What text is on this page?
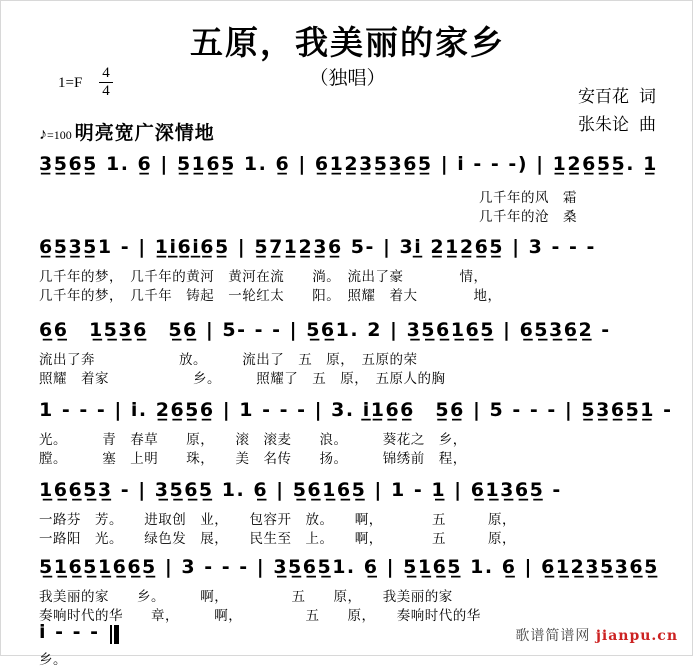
五原，我美丽的家乡
（独唱）
1=F
4
4
♪=100 明亮宽广深情地
安百花 词
张朱论 曲
3̲5̲6̲5̲ 1. 6̲ | 5̲1̲6̲5̲ 1. 6̲ | 6̲1̲2̲3̲5̲3̲6̲5̲ | i - - -) | 1̲2̲6̲5̲5̲. 1̲
几千年的风　霜
几千年的沧　桑
6̲5̲3̲5̲1 - | 1̲i̲6̲i̲6̲5̲ | 5̲7̲1̲2̲3̲6̲ 5- | 3i̲ 2̲1̲2̲6̲5̲ | 3 - - -
几千年的梦，　几千年的黄河　黄河在流　　淌。　流出了豪　　　　情，
几千年的梦，　几千年　铸起　一轮红太　　阳。　照耀　着大　　　　地，
6̲6̲　1̲5̲3̲6̲　5̲6̲ | 5- - - | 5̲6̲1. 2 | 3̲5̲6̲1̲6̲5̲ | 6̲5̲3̲6̲2̲ -
流出了奔　　　　　　放。　　　流出了　五　原，　五原的荣
照耀　着家　　　　　　乡。　　　照耀了　五　原，　五原人的胸
1 - - - | i. 2̲6̲5̲6̲ | 1 - - - | 3. i̲1̲6̲6̲　5̲6̲ | 5 - - - | 5̲3̲6̲5̲1̲ -
光。　　　青　春草　　原，　　滚　滚麦　　浪。　　　葵花之　乡，
膛。　　　塞　上明　　珠，　　美　名传　　扬。　　　锦绣前　程，
1̲6̲6̲5̲3̲ - | 3̲5̲6̲5̲ 1. 6̲ | 5̲6̲1̲6̲5̲ | 1 - 1̲ | 6̲1̲3̲6̲5̲ -
一路芬　芳。　　进取创　业，　　包容开　放。　　啊，　　　　五　　　原，
一路阳　光。　　绿色发　展，　　民生至　上。　　啊，　　　　五　　　原，
5̲1̲6̲5̲1̲6̲6̲5̲ | 3 - - - | 3̲5̲6̲5̲1. 6̲ | 5̲1̲6̲5̲ 1. 6̲ | 6̲1̲2̲3̲5̲3̲6̲5̲
我美丽的家　　乡。　　　啊，　　　　　五　　原，　　我美丽的家
奏响时代的华　　章，　　　啊，　　　　　五　　原，　　奏响时代的华
i - - -
乡。
歌谱简谱网 jianpu.cn
